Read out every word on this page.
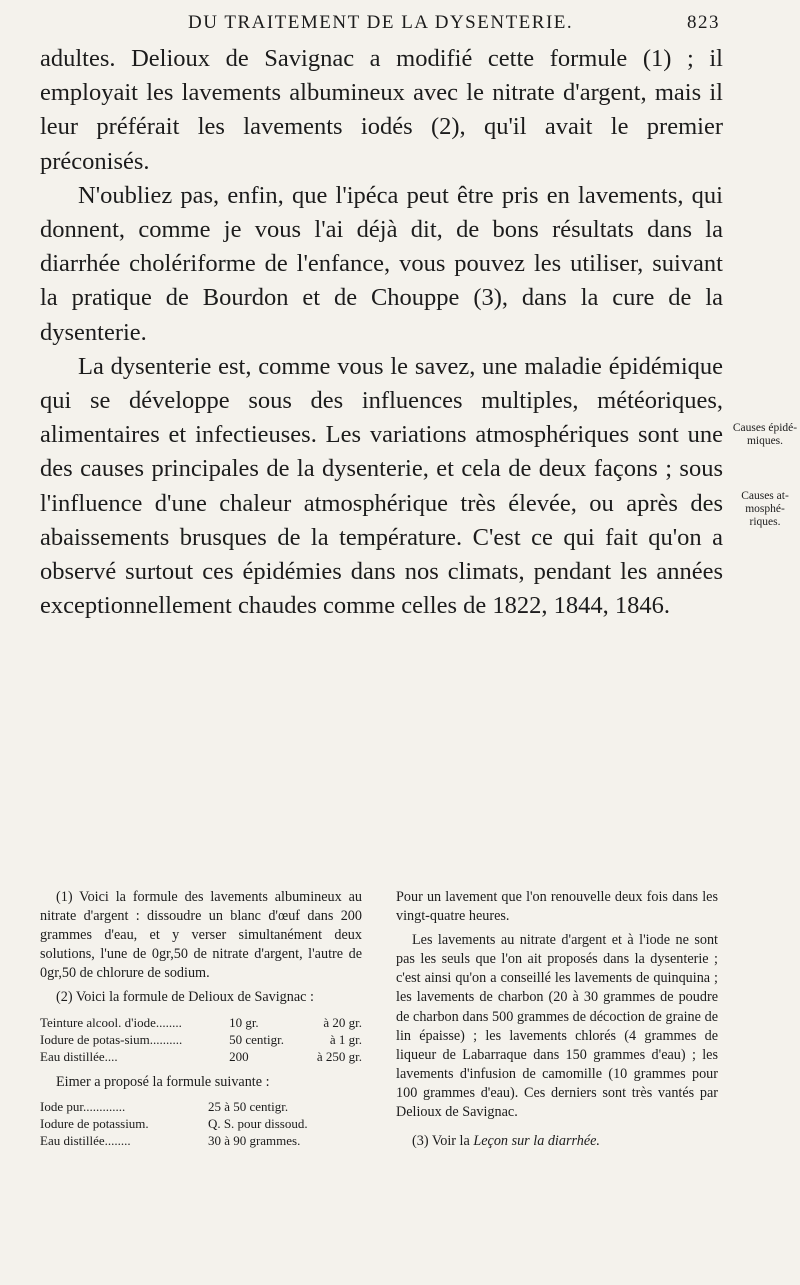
DU TRAITEMENT DE LA DYSENTERIE.	823

adultes. Delioux de Savignac a modifié cette formule (1) ; il employait les lavements albumineux avec le nitrate d'argent, mais il leur préférait les lavements iodés (2), qu'il avait le premier préconisés.

N'oubliez pas, enfin, que l'ipéca peut être pris en lavements, qui donnent, comme je vous l'ai déjà dit, de bons résultats dans la diarrhée cholériforme de l'enfance, vous pouvez les utiliser, suivant la pratique de Bourdon et de Chouppe (3), dans la cure de la dysenterie.

La dysenterie est, comme vous le savez, une maladie épidémique qui se développe sous des influences multiples, météoriques, alimentaires et infectieuses. Les variations atmosphériques sont une des causes principales de la dysenterie, et cela de deux façons ; sous l'influence d'une chaleur atmosphérique très élevée, ou après des abaissements brusques de la température. C'est ce qui fait qu'on a observé surtout ces épidémies dans nos climats, pendant les années exceptionnellement chaudes comme celles de 1822, 1844, 1846.

Causes épidé-miques.
Causes at-mosphé-riques.

(1) Voici la formule des lavements albumineux au nitrate d'argent : dissoudre un blanc d'œuf dans 200 grammes d'eau, et y verser simultanément deux solutions, l'une de 0gr,50 de nitrate d'argent, l'autre de 0gr,50 de chlorure de sodium.

(2) Voici la formule de Delioux de Savignac :

Teinture alcool. d'iode........	10 gr.	à 20 gr.
Iodure de potas-sium..........	50 centigr.	à 1 gr.
Eau distillée....	200	à 250 gr.

Eimer a proposé la formule suivante :

Iode pur.............	25 à 50 centigr.
Iodure de potassium.	Q. S. pour dissoud.
Eau distillée........	30 à 90 grammes.

Pour un lavement que l'on renouvelle deux fois dans les vingt-quatre heures.

Les lavements au nitrate d'argent et à l'iode ne sont pas les seuls que l'on ait proposés dans la dysenterie ; c'est ainsi qu'on a conseillé les lavements de quinquina ; les lavements de charbon (20 à 30 grammes de poudre de charbon dans 500 grammes de décoction de graine de lin épaisse) ; les lavements chlorés (4 grammes de liqueur de Labarraque dans 150 grammes d'eau) ; les lavements d'infusion de camomille (10 grammes pour 100 grammes d'eau). Ces derniers sont très vantés par Delioux de Savignac.

(3) Voir la Leçon sur la diarrhée.
